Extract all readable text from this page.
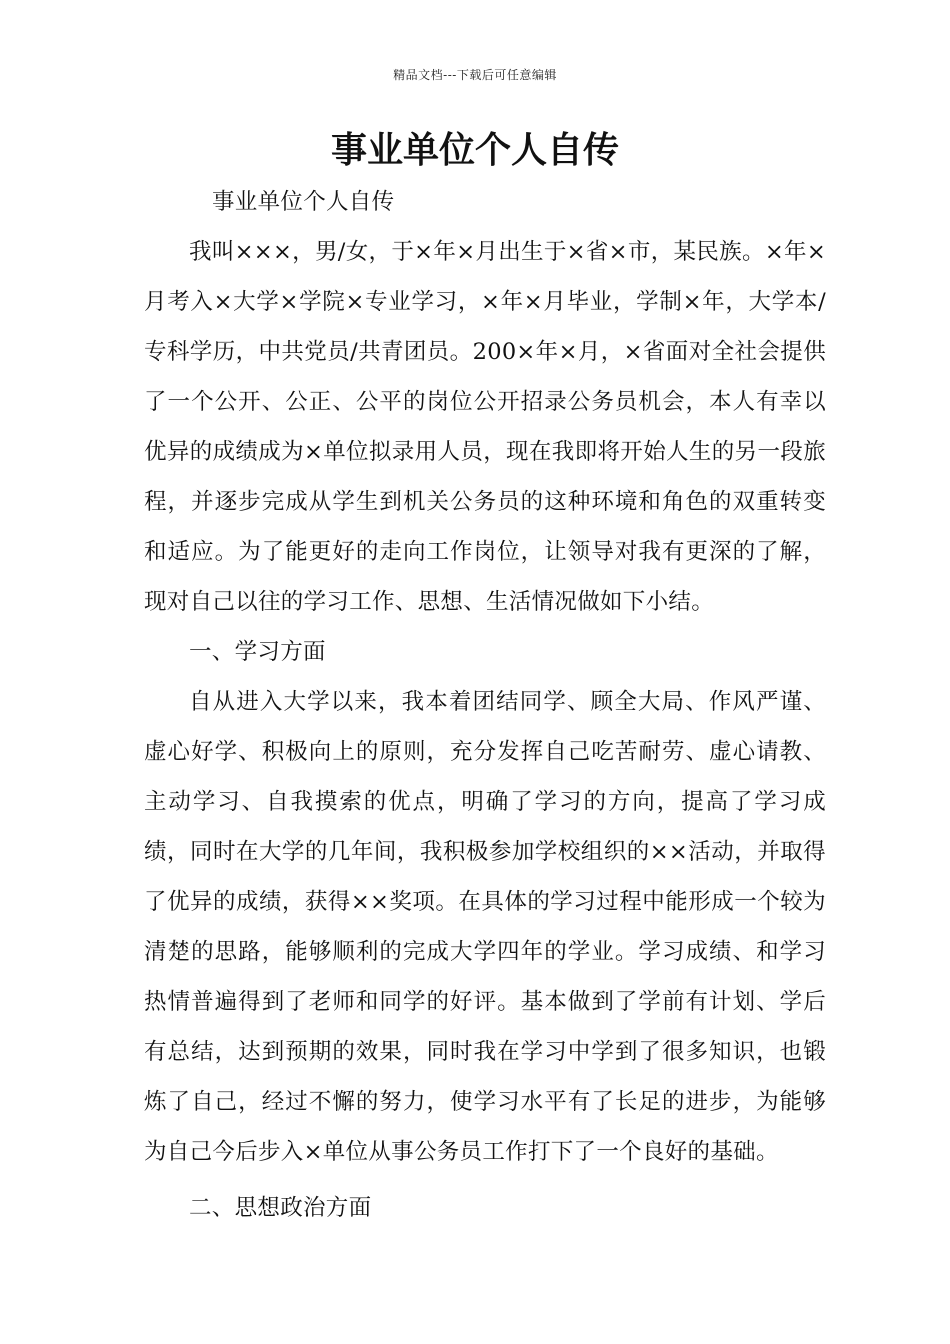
精品文档---下载后可任意编辑
事业单位个人自传

事业单位个人自传

我叫×××，男/女，于×年×月出生于×省×市，某民族。×年×月考入×大学×学院×专业学习，×年×月毕业，学制×年，大学本/专科学历，中共党员/共青团员。200×年×月，×省面对全社会提供了一个公开、公正、公平的岗位公开招录公务员机会，本人有幸以优异的成绩成为×单位拟录用人员，现在我即将开始人生的另一段旅程，并逐步完成从学生到机关公务员的这种环境和角色的双重转变和适应。为了能更好的走向工作岗位，让领导对我有更深的了解，现对自己以往的学习工作、思想、生活情况做如下小结。

一、学习方面

自从进入大学以来，我本着团结同学、顾全大局、作风严谨、虚心好学、积极向上的原则，充分发挥自己吃苦耐劳、虚心请教、主动学习、自我摸索的优点，明确了学习的方向，提高了学习成绩，同时在大学的几年间，我积极参加学校组织的××活动，并取得了优异的成绩，获得××奖项。在具体的学习过程中能形成一个较为清楚的思路，能够顺利的完成大学四年的学业。学习成绩、和学习热情普遍得到了老师和同学的好评。基本做到了学前有计划、学后有总结，达到预期的效果，同时我在学习中学到了很多知识，也锻炼了自己，经过不懈的努力，使学习水平有了长足的进步，为能够为自己今后步入×单位从事公务员工作打下了一个良好的基础。

二、思想政治方面
